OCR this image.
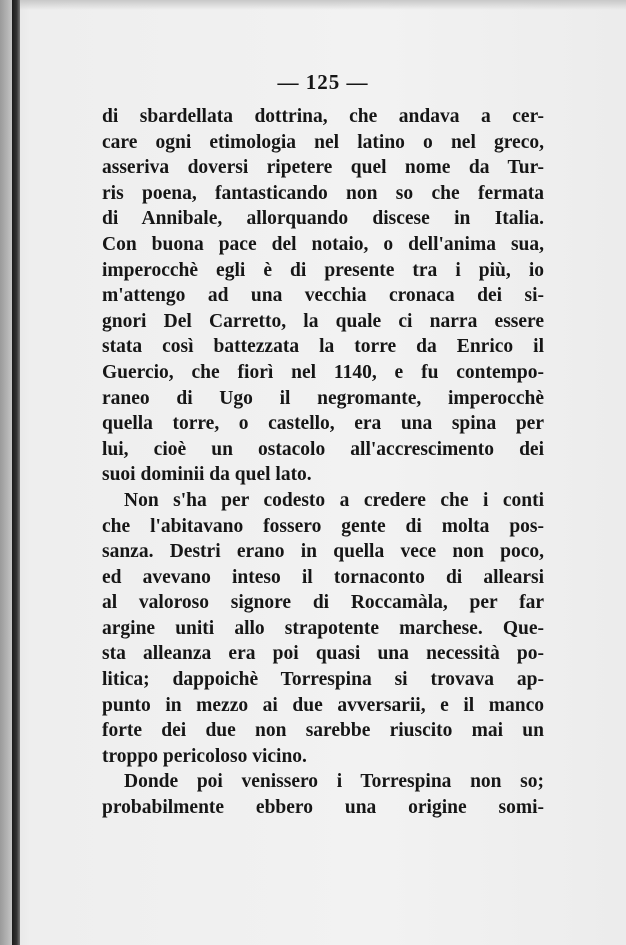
— 125 —
di sbardellata dottrina, che andava a cer-
care ogni etimologia nel latino o nel greco,
asseriva doversi ripetere quel nome da Tur-
ris poena, fantasticando non so che fermata
di Annibale, allorquando discese in Italia.
Con buona pace del notaio, o dell'anima sua,
imperocchè egli è di presente tra i più, io
m'attengo ad una vecchia cronaca dei si-
gnori Del Carretto, la quale ci narra essere
stata così battezzata la torre da Enrico il
Guercio, che fiorì nel 1140, e fu contempo-
raneo di Ugo il negromante, imperocchè
quella torre, o castello, era una spina per
lui, cioè un ostacolo all'accrescimento dei
suoi dominii da quel lato.
Non s'ha per codesto a credere che i conti
che l'abitavano fossero gente di molta pos-
sanza. Destri erano in quella vece non poco,
ed avevano inteso il tornaconto di allearsi
al valoroso signore di Roccamàla, per far
argine uniti allo strapotente marchese. Que-
sta alleanza era poi quasi una necessità po-
litica; dappoichè Torrespina si trovava ap-
punto in mezzo ai due avversarii, e il manco
forte dei due non sarebbe riuscito mai un
troppo pericoloso vicino.
Donde poi venissero i Torrespina non so;
probabilmente ebbero una origine somi-
